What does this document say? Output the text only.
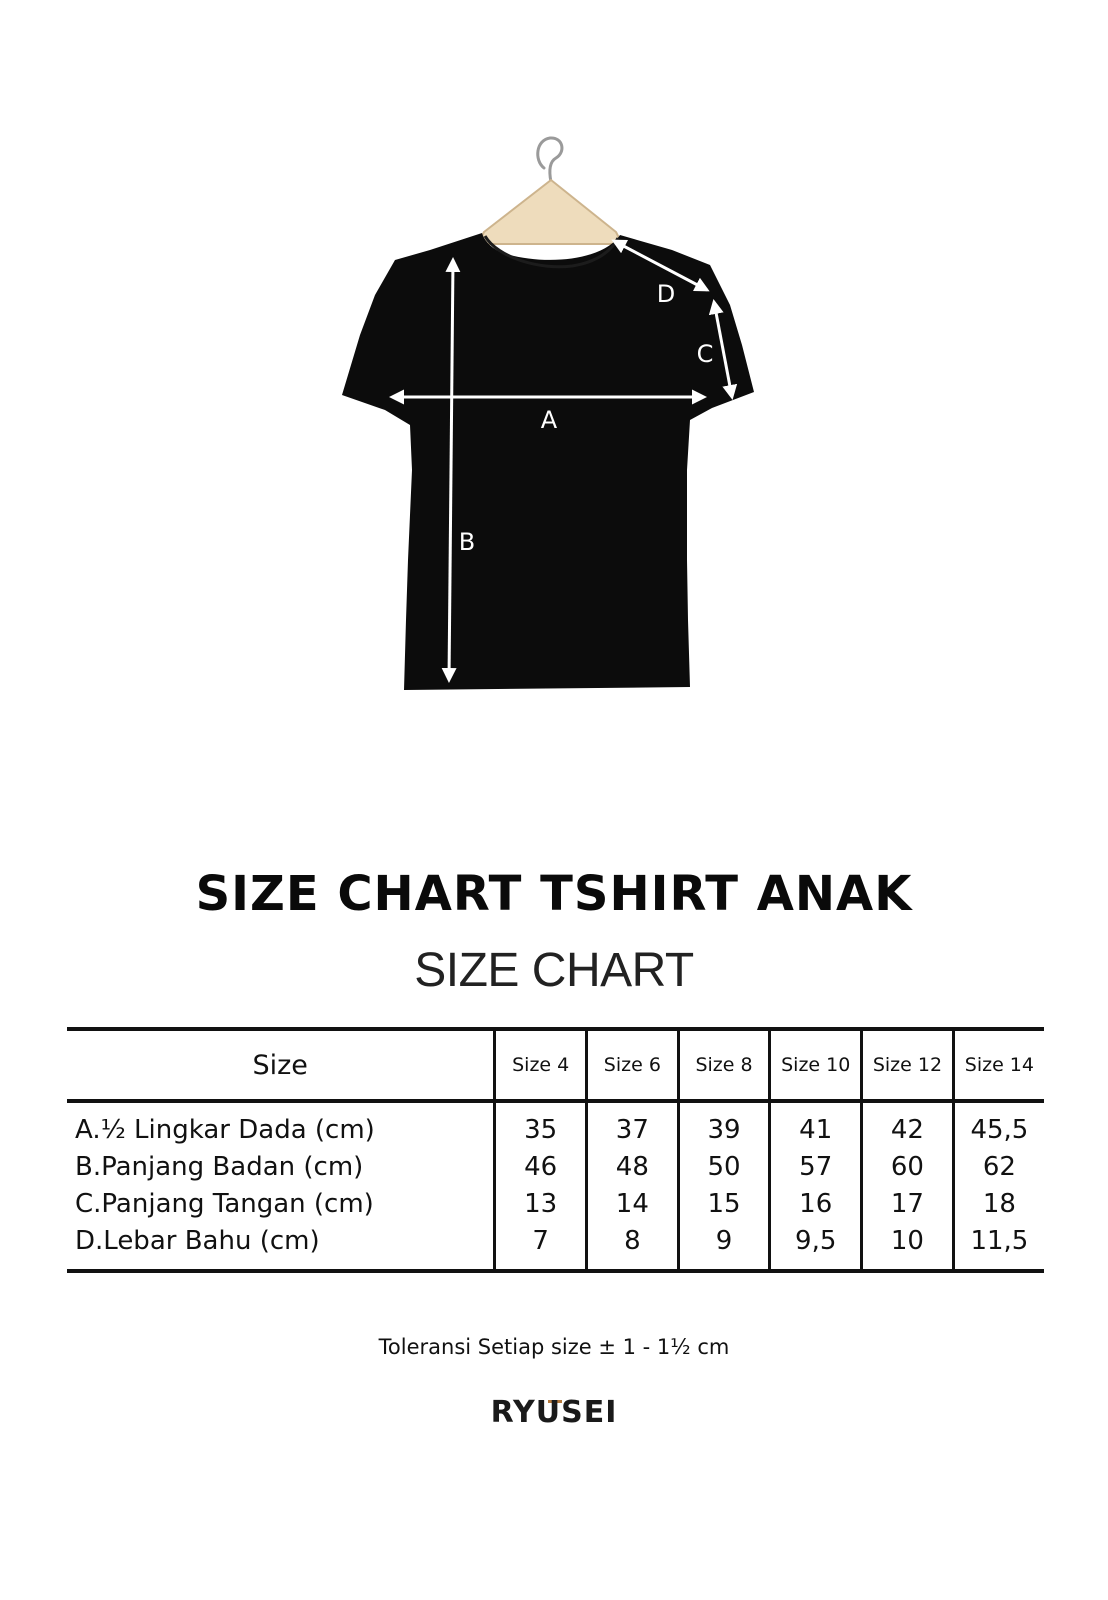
A
B
C
D
SIZE CHART TSHIRT ANAK
SIZE CHART
Size	Size 4	Size 6	Size 8	Size 10	Size 12	Size 14
A.½ Lingkar Dada (cm)	35	37	39	41	42	45,5
B.Panjang Badan (cm)	46	48	50	57	60	62
C.Panjang Tangan (cm)	13	14	15	16	17	18
D.Lebar Bahu (cm)	7	8	9	9,5	10	11,5
Toleransi Setiap size ± 1 - 1½ cm
RYUSEI
